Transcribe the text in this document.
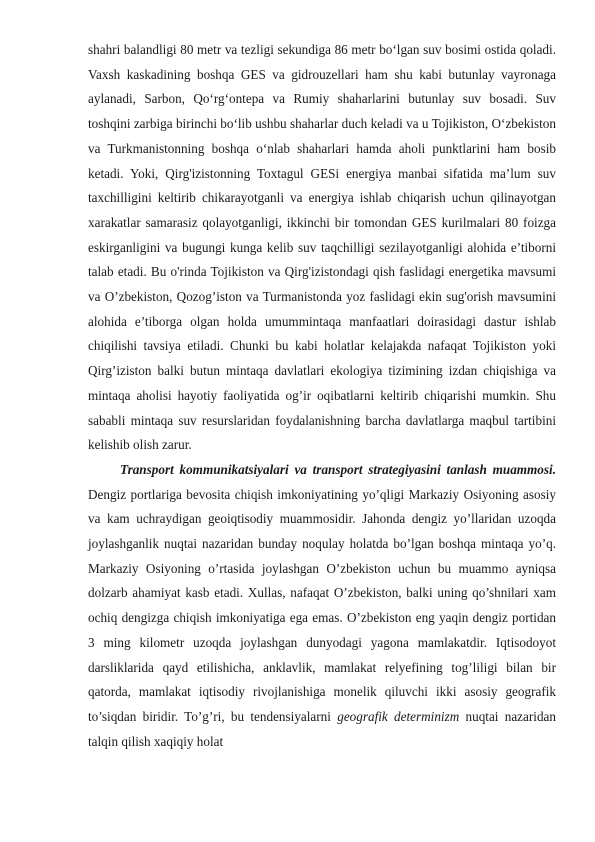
shahri balandligi 80 metr va tezligi sekundiga 86 metr bo‘lgan suv bosimi ostida qoladi. Vaxsh kaskadining boshqa GES va gidrouzellari ham shu kabi butunlay vayronaga aylanadi, Sarbon, Qo‘rg‘ontepa va Rumiy shaharlarini butunlay suv bosadi. Suv toshqini zarbiga birinchi bo‘lib ushbu shaharlar duch keladi va u Tojikiston, O‘zbekiston va Turkmanistonning boshqa o‘nlab shaharlari hamda aholi punktlarini ham bosib ketadi. Yoki, Qirg'izistonning Toxtagul GESi energiya manbai sifatida ma’lum suv taxchilligini keltirib chikarayotganli va energiya ishlab chiqarish uchun qilinayotgan xarakatlar samarasiz qolayotganligi, ikkinchi bir tomondan GES kurilmalari 80 foizga eskirganligini va bugungi kunga kelib suv taqchilligi sezilayotganligi alohida e’tiborni talab etadi. Bu o'rinda Tojikiston va Qirg'izistondagi qish faslidagi energetika mavsumi va O’zbekiston, Qozog’iston va Turmanistonda yoz faslidagi ekin sug'orish mavsumini alohida e’tiborga olgan holda umummintaqa manfaatlari doirasidagi dastur ishlab chiqilishi tavsiya etiladi. Chunki bu kabi holatlar kelajakda nafaqat Tojikiston yoki Qirg’iziston balki butun mintaqa davlatlari ekologiya tizimining izdan chiqishiga va mintaqa aholisi hayotiy faoliyatida og’ir oqibatlarni keltirib chiqarishi mumkin. Shu sababli mintaqa suv resurslaridan foydalanishning barcha davlatlarga maqbul tartibini kelishib olish zarur.

Transport kommunikatsiyalari va transport strategiyasini tanlash muammosi. Dengiz portlariga bevosita chiqish imkoniyatining yo’qligi Markaziy Osiyoning asosiy va kam uchraydigan geoiqtisodiy muammosidir. Jahonda dengiz yo’llaridan uzoqda joylashganlik nuqtai nazaridan bunday noqulay holatda bo’lgan boshqa mintaqa yo’q. Markaziy Osiyoning o’rtasida joylashgan O’zbekiston uchun bu muammo ayniqsa dolzarb ahamiyat kasb etadi. Xullas, nafaqat O’zbekiston, balki uning qo’shnilari xam ochiq dengizga chiqish imkoniyatiga ega emas. O’zbekiston eng yaqin dengiz portidan 3 ming kilometr uzoqda joylashgan dunyodagi yagona mamlakatdir. Iqtisodoyot darsliklarida qayd etilishicha, anklavlik, mamlakat relyefining tog’liligi bilan bir qatorda, mamlakat iqtisodiy rivojlanishiga monelik qiluvchi ikki asosiy geografik to’siqdan biridir. To’g’ri, bu tendensiyalarni geografik determinizm nuqtai nazaridan talqin qilish xaqiqiy holat
